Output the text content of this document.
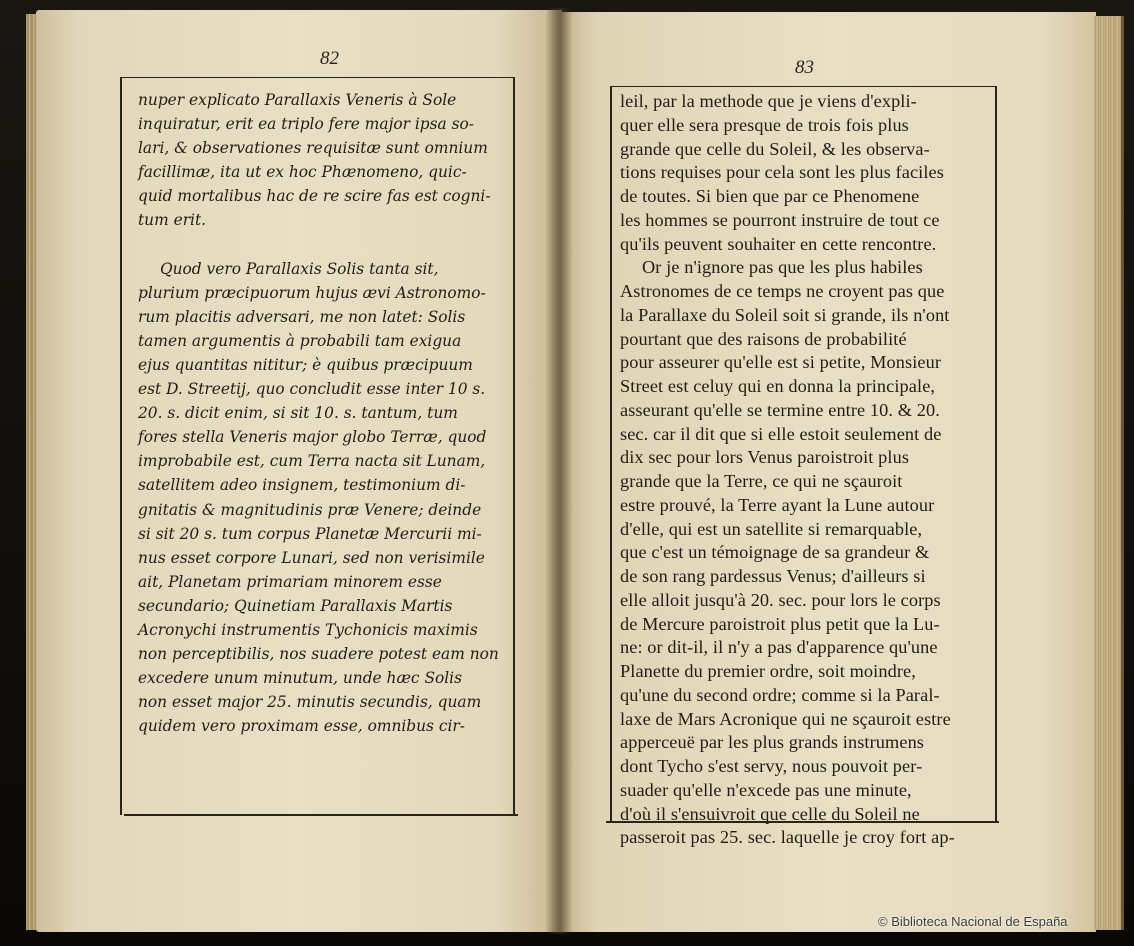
82	83
nuper explicato Parallaxis Veneris à Sole
inquiratur, erit ea triplo fere major ipsa so-
lari, & observationes requisitæ sunt omnium
facillimæ, ita ut ex hoc Phænomeno, quic-
quid mortalibus hac de re scire fas est cogni-
tum erit.
Quod vero Parallaxis Solis tanta sit,
plurium præcipuorum hujus ævi Astronomo-
rum placitis adversari, me non latet: Solis
tamen argumentis à probabili tam exigua
ejus quantitas nititur; è quibus præcipuum
est D. Streetij, quo concludit esse inter 10 s.
20. s. dicit enim, si sit 10. s. tantum, tum
fores stella Veneris major globo Terræ, quod
improbabile est, cum Terra nacta sit Lunam,
satellitem adeo insignem, testimonium di-
gnitatis & magnitudinis præ Venere; deinde
si sit 20 s. tum corpus Planetæ Mercurii mi-
nus esset corpore Lunari, sed non verisimile
ait, Planetam primariam minorem esse
secundario; Quinetiam Parallaxis Martis
Acronychi instrumentis Tychonicis maximis
non perceptibilis, nos suadere potest eam non
excedere unum minutum, unde hæc Solis
non esset major 25. minutis secundis, quam
quidem vero proximam esse, omnibus cir-
leil, par la methode que je viens d'expli-
quer elle sera presque de trois fois plus
grande que celle du Soleil, & les observa-
tions requises pour cela sont les plus faciles
de toutes. Si bien que par ce Phenomene
les hommes se pourront instruire de tout ce
qu'ils peuvent souhaiter en cette rencontre.
Or je n'ignore pas que les plus habiles
Astronomes de ce temps ne croyent pas que
la Parallaxe du Soleil soit si grande, ils n'ont
pourtant que des raisons de probabilité
pour asseurer qu'elle est si petite, Monsieur
Street est celuy qui en donna la principale,
asseurant qu'elle se termine entre 10. & 20.
sec. car il dit que si elle estoit seulement de
dix sec pour lors Venus paroistroit plus
grande que la Terre, ce qui ne sçauroit
estre prouvé, la Terre ayant la Lune autour
d'elle, qui est un satellite si remarquable,
que c'est un témoignage de sa grandeur &
de son rang pardessus Venus; d'ailleurs si
elle alloit jusqu'à 20. sec. pour lors le corps
de Mercure paroistroit plus petit que la Lu-
ne: or dit-il, il n'y a pas d'apparence qu'une
Planette du premier ordre, soit moindre,
qu'une du second ordre; comme si la Paral-
laxe de Mars Acronique qui ne sçauroit estre
apperceuë par les plus grands instrumens
dont Tycho s'est servy, nous pouvoit per-
suader qu'elle n'excede pas une minute,
d'où il s'ensuivroit que celle du Soleil ne
passeroit pas 25. sec. laquelle je croy fort ap-
© Biblioteca Nacional de España
